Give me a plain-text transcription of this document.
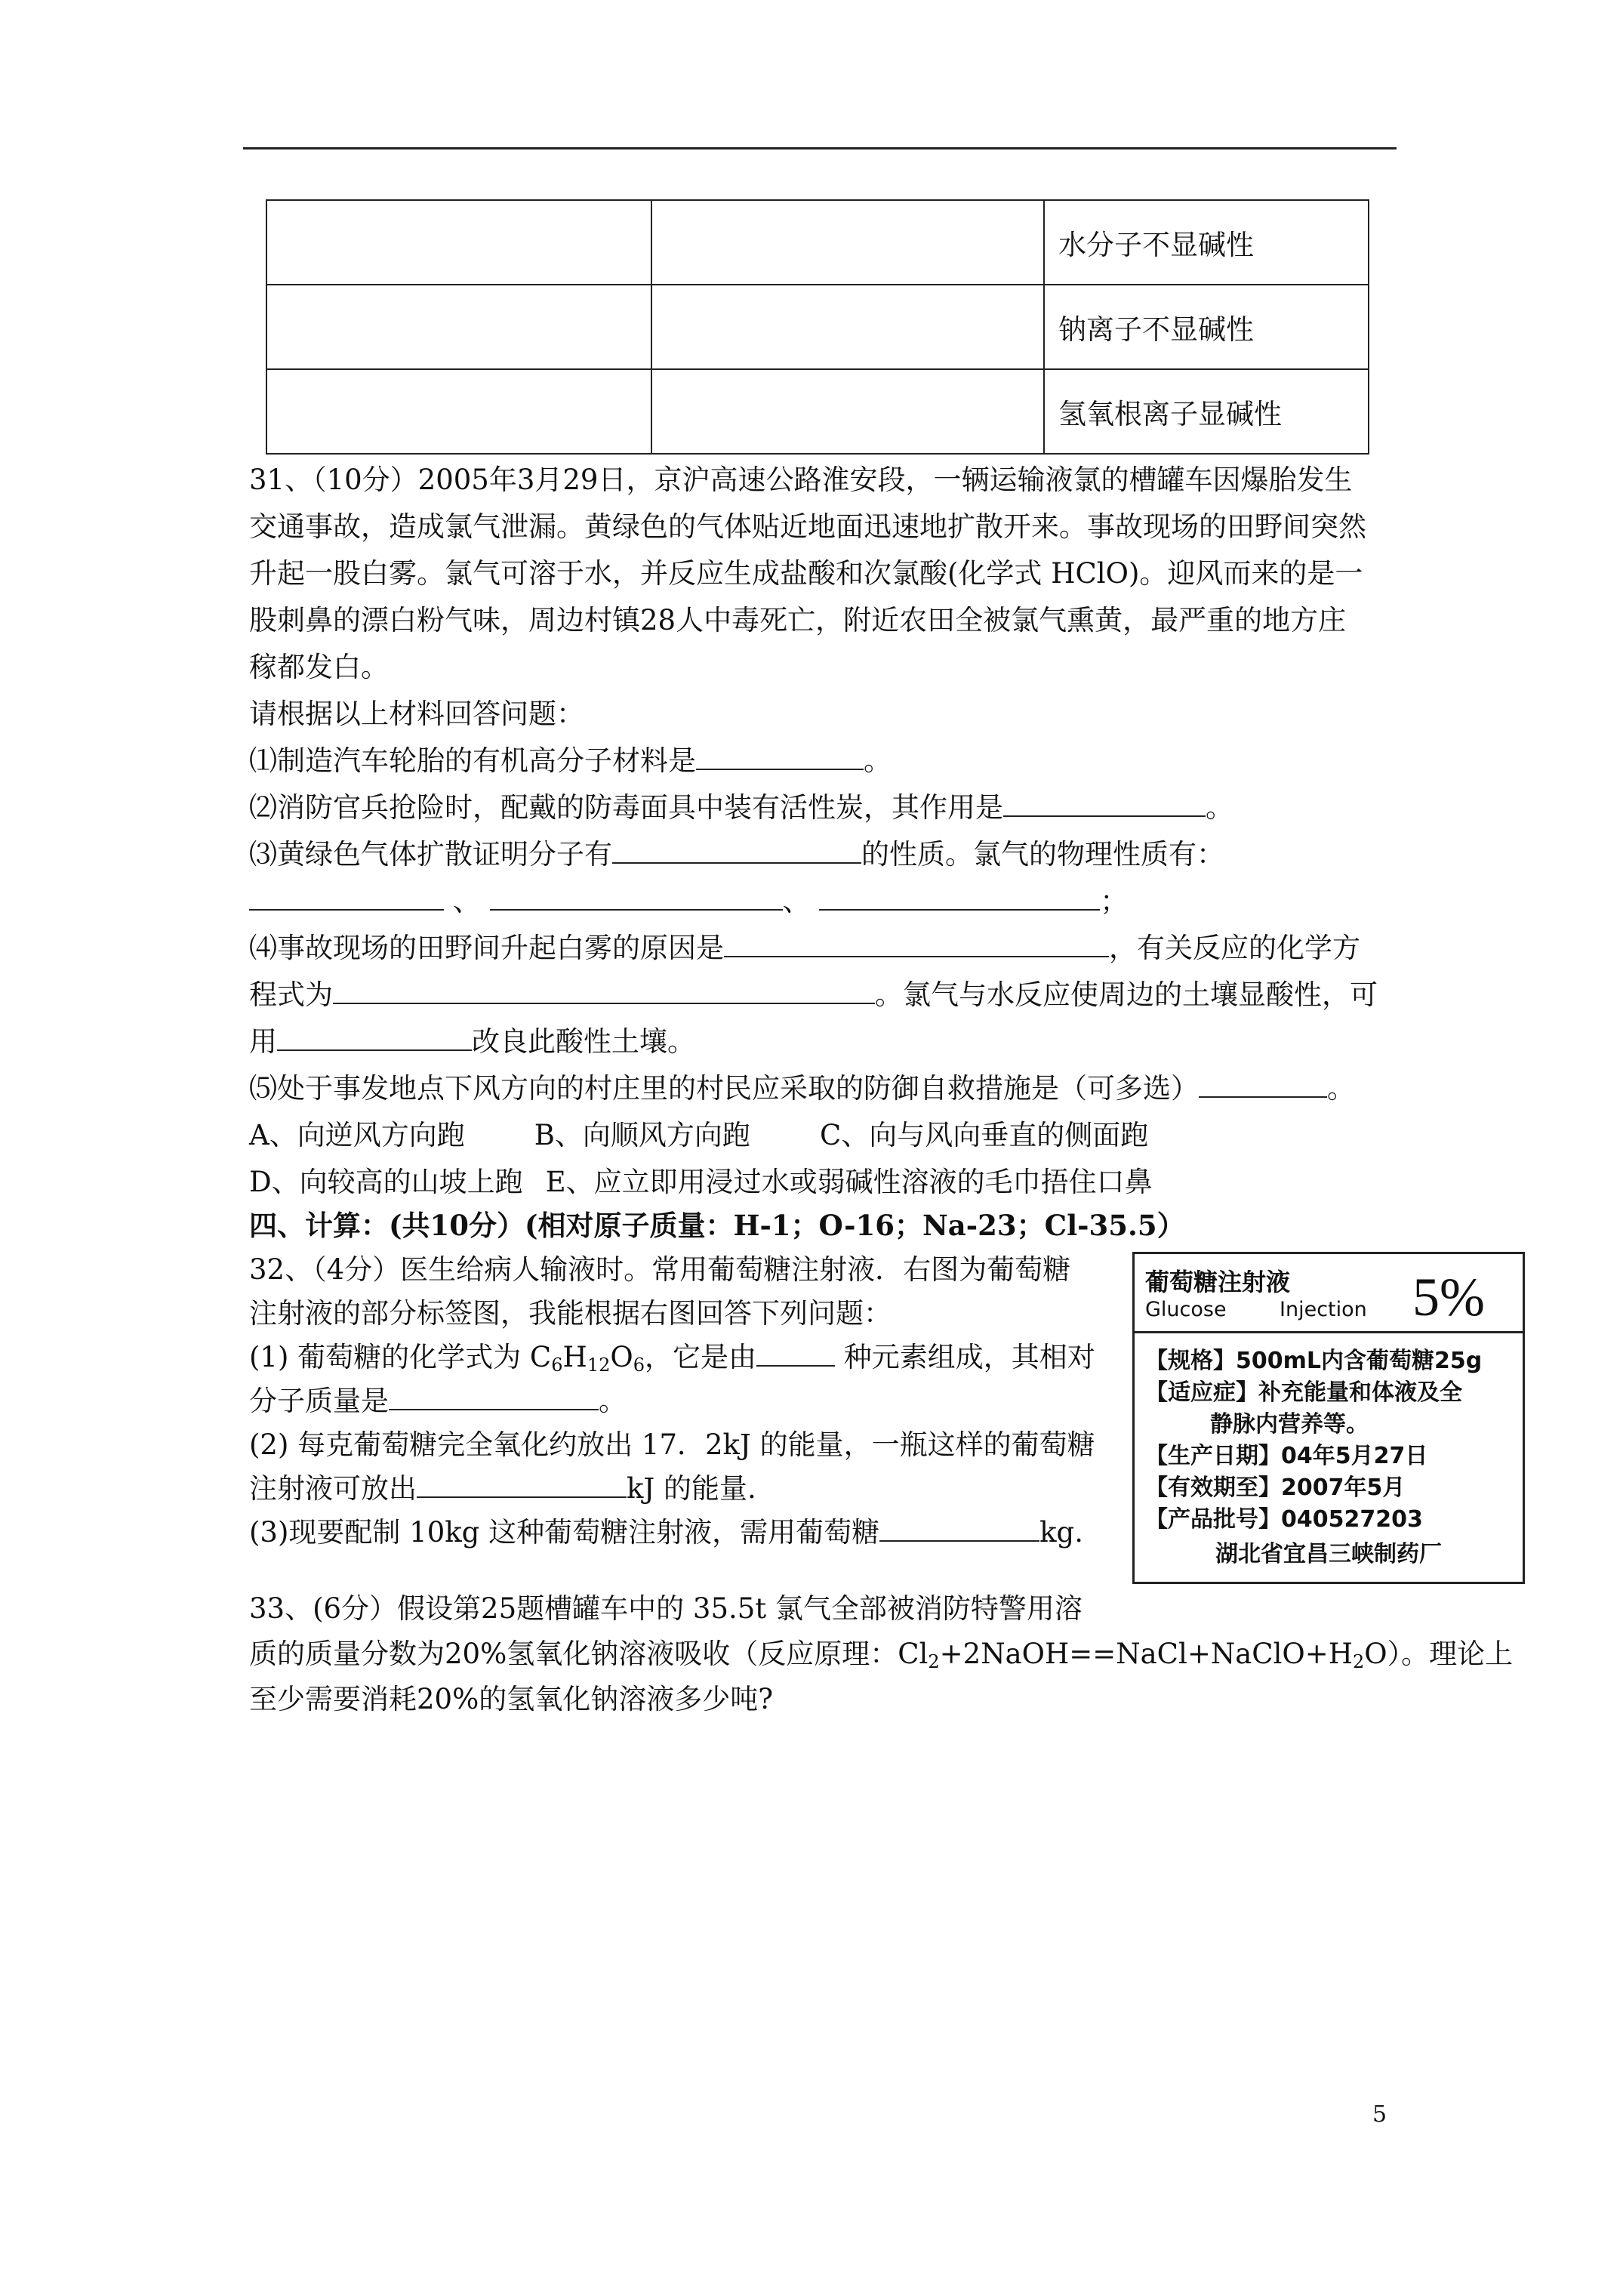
		水分子不显碱性
		钠离子不显碱性
		氢氧根离子显碱性
31、（10分）2005年3月29日，京沪高速公路淮安段，一辆运输液氯的槽罐车因爆胎发生
交通事故，造成氯气泄漏。黄绿色的气体贴近地面迅速地扩散开来。事故现场的田野间突然
升起一股白雾。氯气可溶于水，并反应生成盐酸和次氯酸(化学式 HClO)。迎风而来的是一
股刺鼻的漂白粉气味，周边村镇28人中毒死亡，附近农田全被氯气熏黄，最严重的地方庄
稼都发白。
请根据以上材料回答问题：
⑴制造汽车轮胎的有机高分子材料是	。
⑵消防官兵抢险时，配戴的防毒面具中装有活性炭，其作用是	。
⑶黄绿色气体扩散证明分子有	的性质。氯气的物理性质有：
、	、	；
⑷事故现场的田野间升起白雾的原因是	，有关反应的化学方
程式为	。氯气与水反应使周边的土壤显酸性，可
用	改良此酸性土壤。
⑸处于事发地点下风方向的村庄里的村民应采取的防御自救措施是（可多选）	。
A、向逆风方向跑 B、向顺风方向跑 C、向与风向垂直的侧面跑
D、向较高的山坡上跑 E、应立即用浸过水或弱碱性溶液的毛巾捂住口鼻
四、计算：(共10分）(相对原子质量：H-1；O-16；Na-23；Cl-35.5）
32、（4分）医生给病人输液时。常用葡萄糖注射液．右图为葡萄糖
注射液的部分标签图，我能根据右图回答下列问题：
(1) 葡萄糖的化学式为 $C_6H_{12}O_6$，它是由	种元素组成，其相对
分子质量是	。
(2) 每克葡萄糖完全氧化约放出 17．2kJ 的能量，一瓶这样的葡萄糖
注射液可放出	kJ 的能量.
(3)现要配制 10kg 这种葡萄糖注射液，需用葡萄糖	kg.
葡萄糖注射液
Glucose	Injection 5%
【规格】500mL内含葡萄糖25g
【适应症】补充能量和体液及全
静脉内营养等。
【生产日期】04年5月27日
【有效期至】2007年5月
【产品批号】040527203
湖北省宜昌三峡制药厂
33、(6分）假设第25题槽罐车中的 35.5t 氯气全部被消防特警用溶
质的质量分数为20%氢氧化钠溶液吸收（反应原理：$Cl_2+2NaOH==NaCl+NaClO+H_2O$）。理论上
至少需要消耗20%的氢氧化钠溶液多少吨?
5
